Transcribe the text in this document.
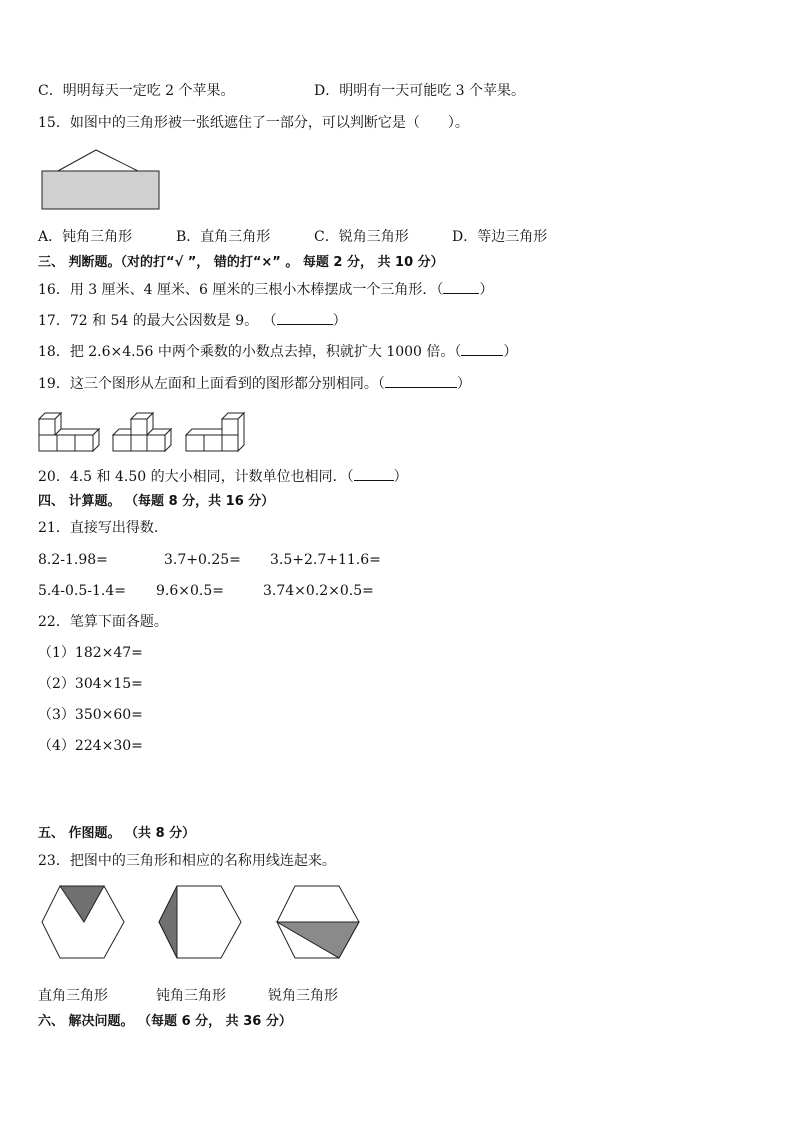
C．明明每天一定吃 2 个苹果。	D．明明有一天可能吃 3 个苹果。
15．如图中的三角形被一张纸遮住了一部分，可以判断它是（　　）。
A．钝角三角形	B．直角三角形	C．锐角三角形	D．等边三角形
三、 判断题。（对的打“√ ”， 错的打“×” 。 每题 2 分， 共 10 分）
16．用 3 厘米、4 厘米、6 厘米的三根小木棒摆成一个三角形．（	）
17．72 和 54 的最大公因数是 9。 （	）
18．把 2.6×4.56 中两个乘数的小数点去掉，积就扩大 1000 倍。（	）
19．这三个图形从左面和上面看到的图形都分别相同。（	）
20．4.5 和 4.50 的大小相同，计数单位也相同．（	）
四、 计算题。 （每题 8 分，共 16 分）
21．直接写出得数.
8.2-1.98=	3.7+0.25= 3.5+2.7+11.6=
5.4-0.5-1.4= 9.6×0.5=	3.74×0.2×0.5=
22．笔算下面各题。
（1）182×47=
（2）304×15=
（3）350×60=
（4）224×30=
五、 作图题。 （共 8 分）
23．把图中的三角形和相应的名称用线连起来。
直角三角形	钝角三角形	锐角三角形
六、 解决问题。 （每题 6 分， 共 36 分）
